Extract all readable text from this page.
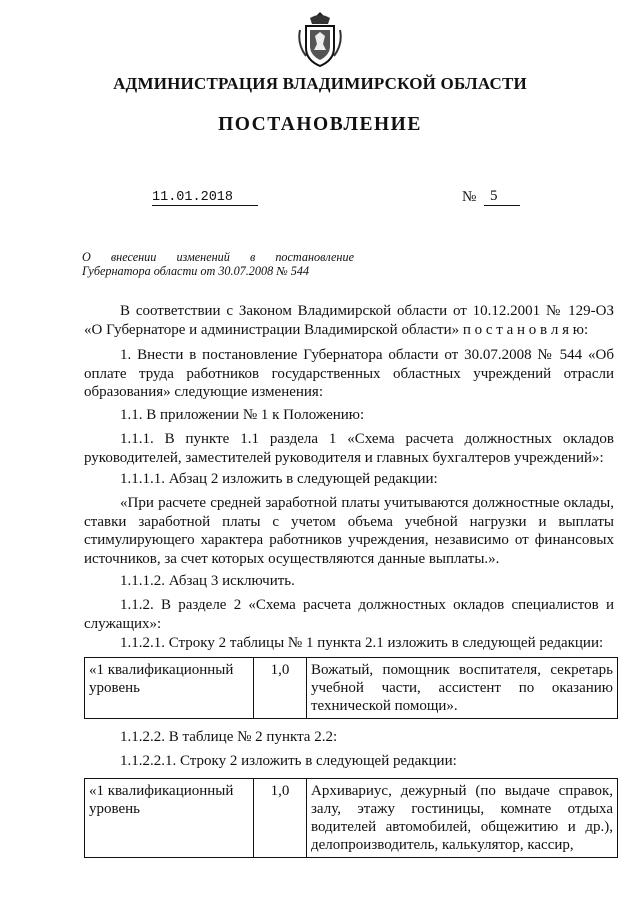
АДМИНИСТРАЦИЯ ВЛАДИМИРСКОЙ ОБЛАСТИ
ПОСТАНОВЛЕНИЕ
11.01.2018	№ 5
О внесении изменений в постановление
Губернатора области от 30.07.2008 № 544
В соответствии с Законом Владимирской области от 10.12.2001 № 129-ОЗ «О Губернаторе и администрации Владимирской области» п о с т а н о в л я ю:
1. Внести в постановление Губернатора области от 30.07.2008 № 544 «Об оплате труда работников государственных областных учреждений отрасли образования» следующие изменения:
1.1. В приложении № 1 к Положению:
1.1.1. В пункте 1.1 раздела 1 «Схема расчета должностных окладов руководителей, заместителей руководителя и главных бухгалтеров учреждений»:
1.1.1.1. Абзац 2 изложить в следующей редакции:
«При расчете средней заработной платы учитываются должностные оклады, ставки заработной платы с учетом объема учебной нагрузки и выплаты стимулирующего характера работников учреждения, независимо от финансовых источников, за счет которых осуществляются данные выплаты.».
1.1.1.2. Абзац 3 исключить.
1.1.2. В разделе 2 «Схема расчета должностных окладов специалистов и служащих»:
1.1.2.1. Строку 2 таблицы № 1 пункта 2.1 изложить в следующей редакции:
«1 квалификационный уровень	1,0	Вожатый, помощник воспитателя, секретарь учебной части, ассистент по оказанию технической помощи».
1.1.2.2. В таблице № 2 пункта 2.2:
1.1.2.2.1. Строку 2 изложить в следующей редакции:
«1 квалификационный уровень	1,0	Архивариус, дежурный (по выдаче справок, залу, этажу гостиницы, комнате отдыха водителей автомобилей, общежитию и др.), делопроизводитель, калькулятор, кассир,
